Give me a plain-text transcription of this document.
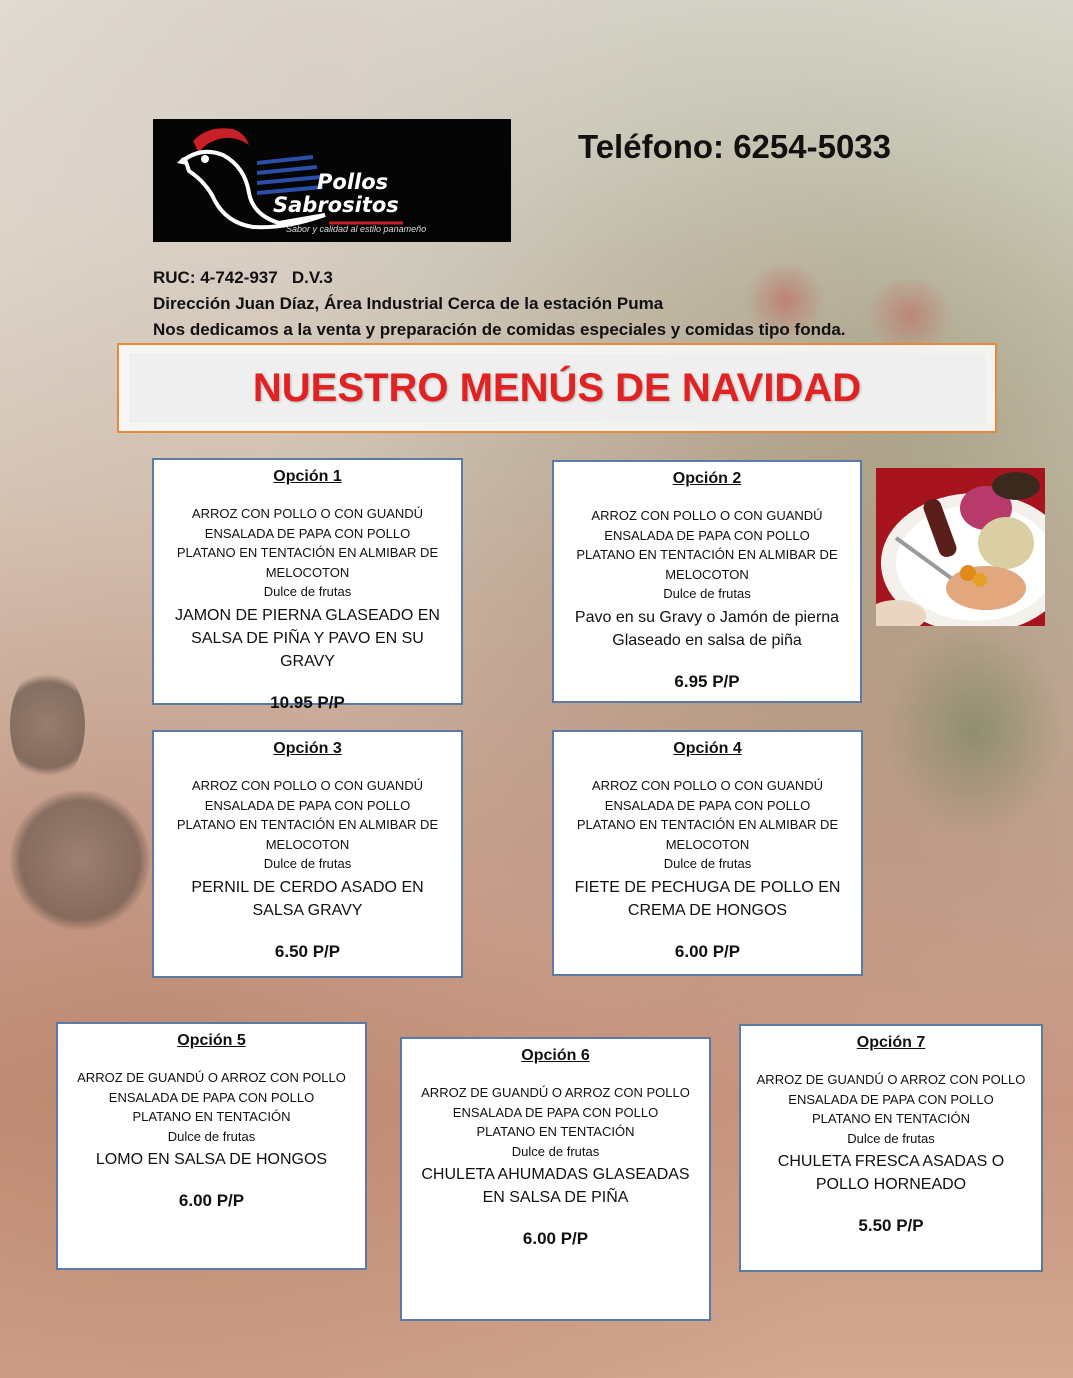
Pollos
Sabrositos
Sabor y calidad al estilo panameño
Teléfono: 6254-5033
RUC: 4-742-937   D.V.3
Dirección Juan Díaz, Área Industrial Cerca de la estación Puma
Nos dedicamos a la venta y preparación de comidas especiales y comidas tipo fonda.
NUESTRO MENÚS DE NAVIDAD
Opción 1
ARROZ CON POLLO O CON GUANDÚ
ENSALADA DE PAPA CON POLLO
PLATANO EN TENTACIÓN EN ALMIBAR DE MELOCOTON
Dulce de frutas
JAMON DE PIERNA GLASEADO EN SALSA DE PIÑA Y PAVO EN SU GRAVY
10.95 P/P
Opción 2
ARROZ CON POLLO O CON GUANDÚ
ENSALADA DE PAPA CON POLLO
PLATANO EN TENTACIÓN EN ALMIBAR DE MELOCOTON
Dulce de frutas
Pavo en su Gravy o Jamón de pierna Glaseado en salsa de piña
6.95 P/P
Opción 3
ARROZ CON POLLO O CON GUANDÚ
ENSALADA DE PAPA CON POLLO
PLATANO EN TENTACIÓN EN ALMIBAR DE MELOCOTON
Dulce de frutas
PERNIL DE CERDO ASADO EN SALSA GRAVY
6.50 P/P
Opción 4
ARROZ CON POLLO O CON GUANDÚ
ENSALADA DE PAPA CON POLLO
PLATANO EN TENTACIÓN EN ALMIBAR DE MELOCOTON
Dulce de frutas
FIETE DE PECHUGA DE POLLO EN CREMA DE HONGOS
6.00 P/P
Opción 5
ARROZ DE GUANDÚ O ARROZ CON POLLO
ENSALADA DE PAPA CON POLLO
PLATANO EN TENTACIÓN
Dulce de frutas
LOMO EN SALSA DE HONGOS
6.00 P/P
Opción 6
ARROZ DE GUANDÚ O ARROZ CON POLLO
ENSALADA DE PAPA CON POLLO
PLATANO EN TENTACIÓN
Dulce de frutas
CHULETA AHUMADAS GLASEADAS EN SALSA DE PIÑA
6.00 P/P
Opción 7
ARROZ DE GUANDÚ O ARROZ CON POLLO
ENSALADA DE PAPA CON POLLO
PLATANO EN TENTACIÓN
Dulce de frutas
CHULETA FRESCA ASADAS O POLLO HORNEADO
5.50 P/P
